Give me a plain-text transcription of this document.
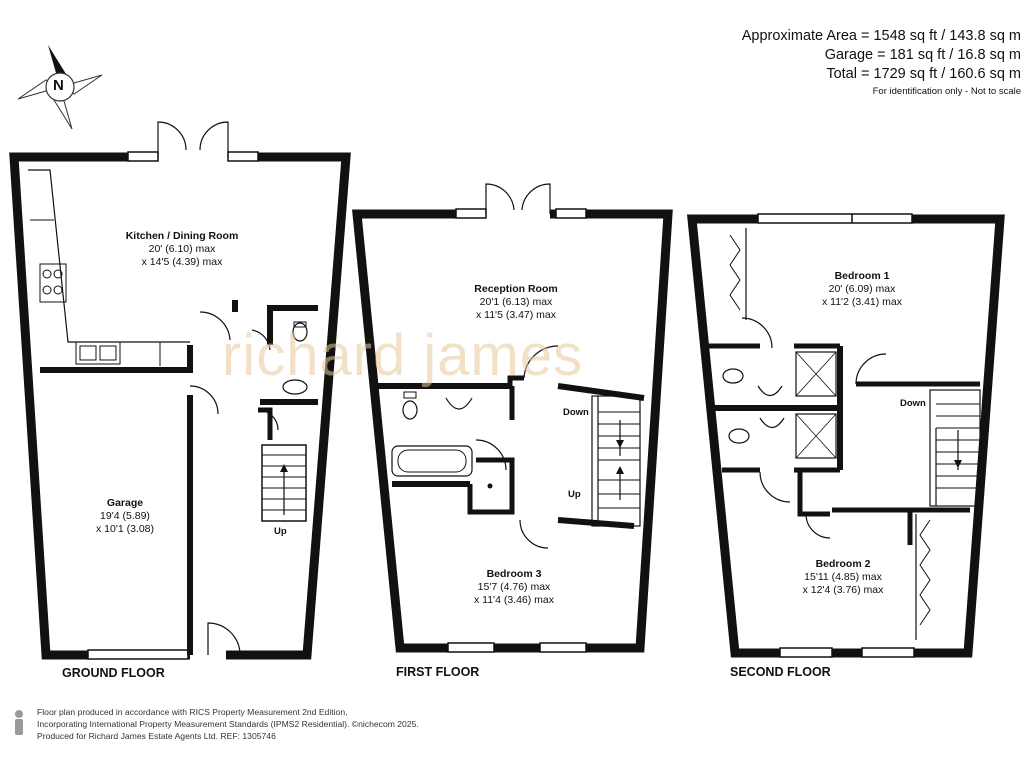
richard james
Approximate Area = 1548 sq ft / 143.8 sq m
Garage = 181 sq ft / 16.8 sq m
Total = 1729 sq ft / 160.6 sq m
For identification only - Not to scale
N
Kitchen / Dining Room
20' (6.10) max
x 14'5 (4.39) max
Garage
19'4 (5.89)
x 10'1 (3.08)	Up
GROUND FLOOR
Reception Room
20'1 (6.13) max
x 11'5 (3.47) max
Bedroom 3
15'7 (4.76) max
x 11'4 (3.46) max
Down
Up
FIRST FLOOR
Bedroom 1
20' (6.09) max
x 11'2 (3.41) max
Bedroom 2
15'11 (4.85) max
x 12'4 (3.76) max
Down
SECOND FLOOR
Floor plan produced in accordance with RICS Property Measurement 2nd Edition,
Incorporating International Property Measurement Standards (IPMS2 Residential). ©nichecom 2025.
Produced for Richard James Estate Agents Ltd. REF: 1305746
